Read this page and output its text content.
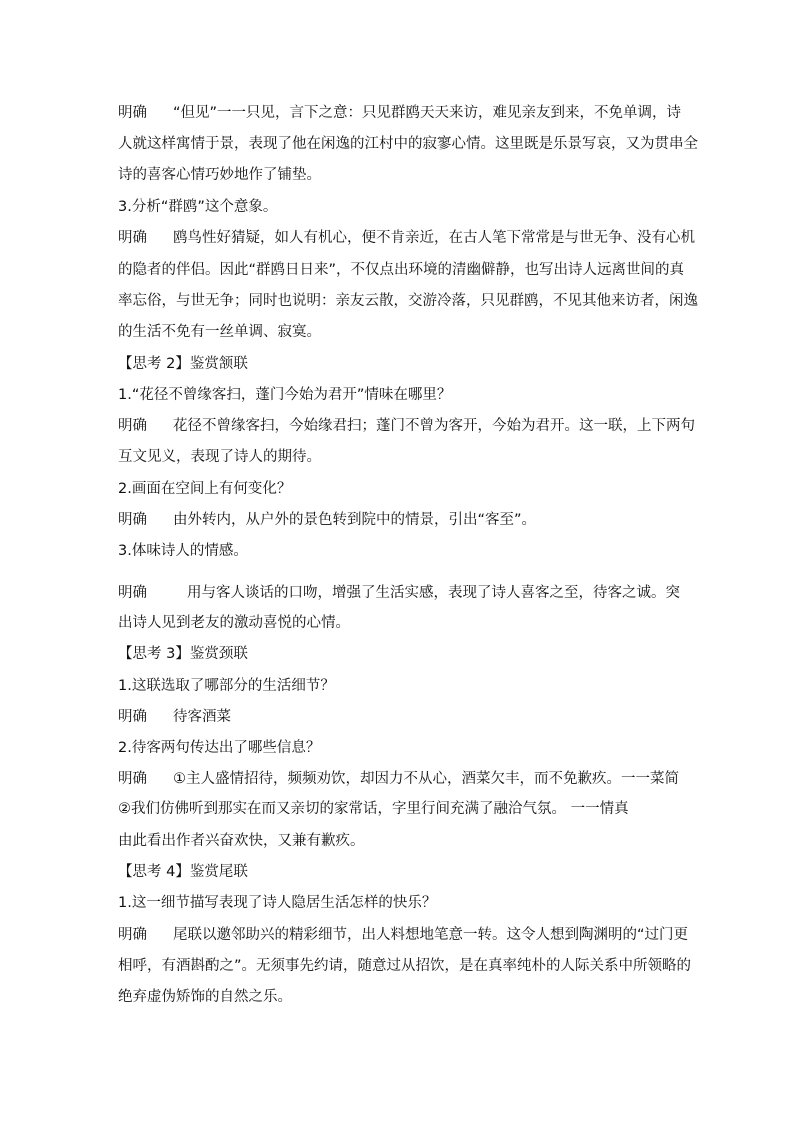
明确 “但见”一一只见，言下之意：只见群鸥天天来访，难见亲友到来，不免单调，诗
人就这样寓情于景，表现了他在闲逸的江村中的寂寥心情。这里既是乐景写哀，又为贯串全
诗的喜客心情巧妙地作了铺垫。
3.分析“群鸥”这个意象。
明确 鸥鸟性好猜疑，如人有机心，便不肯亲近，在古人笔下常常是与世无争、没有心机
的隐者的伴侣。因此“群鸥日日来”，不仅点出环境的清幽僻静，也写出诗人远离世间的真
率忘俗，与世无争；同时也说明：亲友云散，交游冷落，只见群鸥，不见其他来访者，闲逸
的生活不免有一丝单调、寂寞。
【思考 2】鉴赏颔联
1.“花径不曾缘客扫，蓬门今始为君开”情味在哪里？
明确 花径不曾缘客扫，今始缘君扫；蓬门不曾为客开，今始为君开。这一联，上下两句
互文见义，表现了诗人的期待。
2.画面在空间上有何变化？
明确 由外转内，从户外的景色转到院中的情景，引出“客至”。
3.体味诗人的情感。
明确	用与客人谈话的口吻，增强了生活实感，表现了诗人喜客之至，待客之诚。突
出诗人见到老友的激动喜悦的心情。
【思考 3】鉴赏颈联
1.这联选取了哪部分的生活细节？
明确 待客酒菜
2.待客两句传达出了哪些信息？
明确 ①主人盛情招待，频频劝饮，却因力不从心，酒菜欠丰，而不免歉疚。一一菜简
②我们仿佛听到那实在而又亲切的家常话，字里行间充满了融洽气氛。 一一情真
由此看出作者兴奋欢快，又兼有歉疚。
【思考 4】鉴赏尾联
1.这一细节描写表现了诗人隐居生活怎样的快乐？
明确 尾联以邀邻助兴的精彩细节，出人料想地笔意一转。这令人想到陶渊明的“过门更
相呼，有酒斟酌之”。无须事先约请，随意过从招饮，是在真率纯朴的人际关系中所领略的
绝弃虚伪矫饰的自然之乐。
